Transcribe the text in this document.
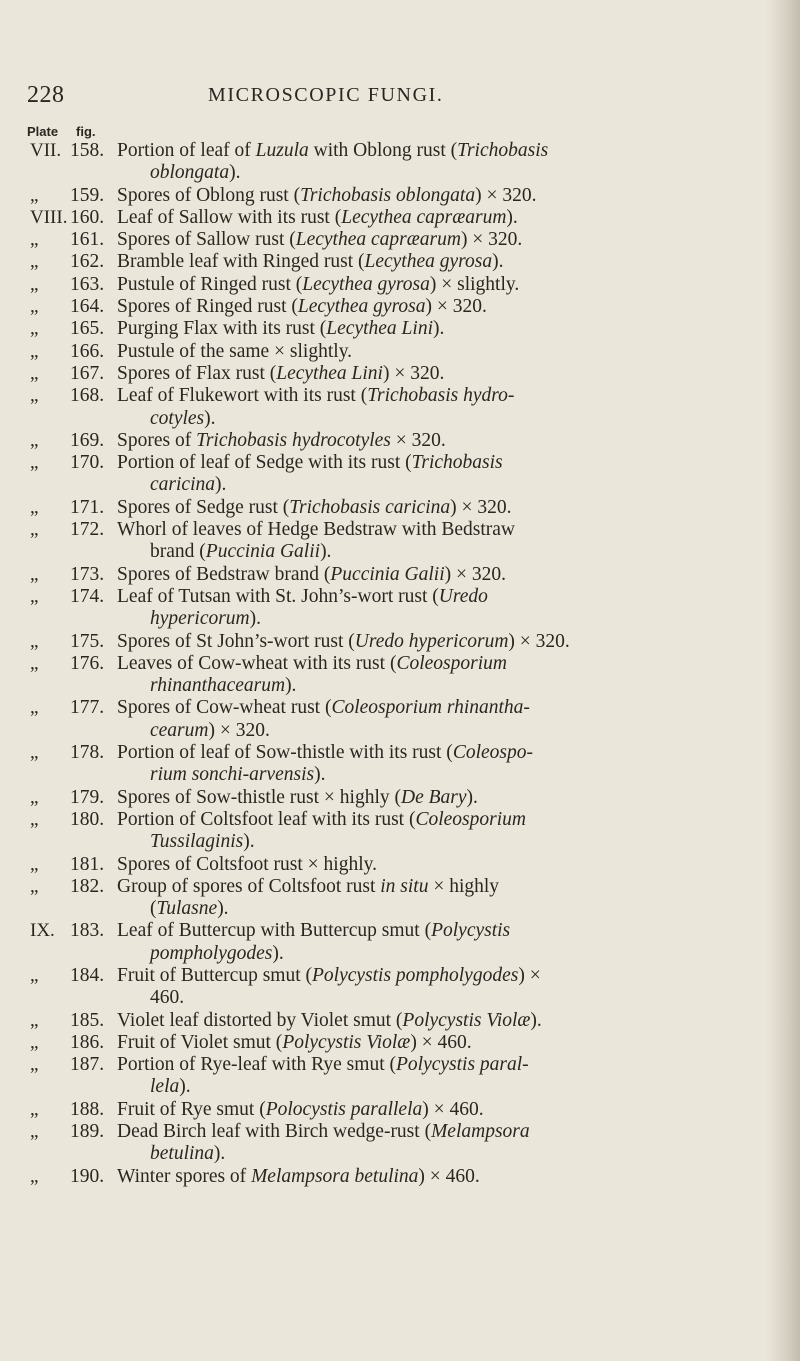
228	MICROSCOPIC FUNGI.
Plate fig.
VII. 158. Portion of leaf of Luzula with Oblong rust (Trichobasis
oblongata).
„ 159. Spores of Oblong rust (Trichobasis oblongata) × 320.
VIII. 160. Leaf of Sallow with its rust (Lecythea capræarum).
„ 161. Spores of Sallow rust (Lecythea capræarum) × 320.
„ 162. Bramble leaf with Ringed rust (Lecythea gyrosa).
„ 163. Pustule of Ringed rust (Lecythea gyrosa) × slightly.
„ 164. Spores of Ringed rust (Lecythea gyrosa) × 320.
„ 165. Purging Flax with its rust (Lecythea Lini).
„ 166. Pustule of the same × slightly.
„ 167. Spores of Flax rust (Lecythea Lini) × 320.
„ 168. Leaf of Flukewort with its rust (Trichobasis hydro-
cotyles).
„ 169. Spores of Trichobasis hydrocotyles × 320.
„ 170. Portion of leaf of Sedge with its rust (Trichobasis
caricina).
„ 171. Spores of Sedge rust (Trichobasis caricina) × 320.
„ 172. Whorl of leaves of Hedge Bedstraw with Bedstraw
brand (Puccinia Galii).
„ 173. Spores of Bedstraw brand (Puccinia Galii) × 320.
„ 174. Leaf of Tutsan with St. John’s-wort rust (Uredo
hypericorum).
„ 175. Spores of St John’s-wort rust (Uredo hypericorum) × 320.
„ 176. Leaves of Cow-wheat with its rust (Coleosporium
rhinanthacearum).
„ 177. Spores of Cow-wheat rust (Coleosporium rhinantha-
cearum) × 320.
„ 178. Portion of leaf of Sow-thistle with its rust (Coleospo-
rium sonchi-arvensis).
„ 179. Spores of Sow-thistle rust × highly (De Bary).
„ 180. Portion of Coltsfoot leaf with its rust (Coleosporium
Tussilaginis).
„ 181. Spores of Coltsfoot rust × highly.
„ 182. Group of spores of Coltsfoot rust in situ × highly
(Tulasne).
IX. 183. Leaf of Buttercup with Buttercup smut (Polycystis
pompholygodes).
„ 184. Fruit of Buttercup smut (Polycystis pompholygodes) ×
460.
„ 185. Violet leaf distorted by Violet smut (Polycystis Violæ).
„ 186. Fruit of Violet smut (Polycystis Violæ) × 460.
„ 187. Portion of Rye-leaf with Rye smut (Polycystis paral-
lela).
„ 188. Fruit of Rye smut (Polocystis parallela) × 460.
„ 189. Dead Birch leaf with Birch wedge-rust (Melampsora
betulina).
„ 190. Winter spores of Melampsora betulina) × 460.
